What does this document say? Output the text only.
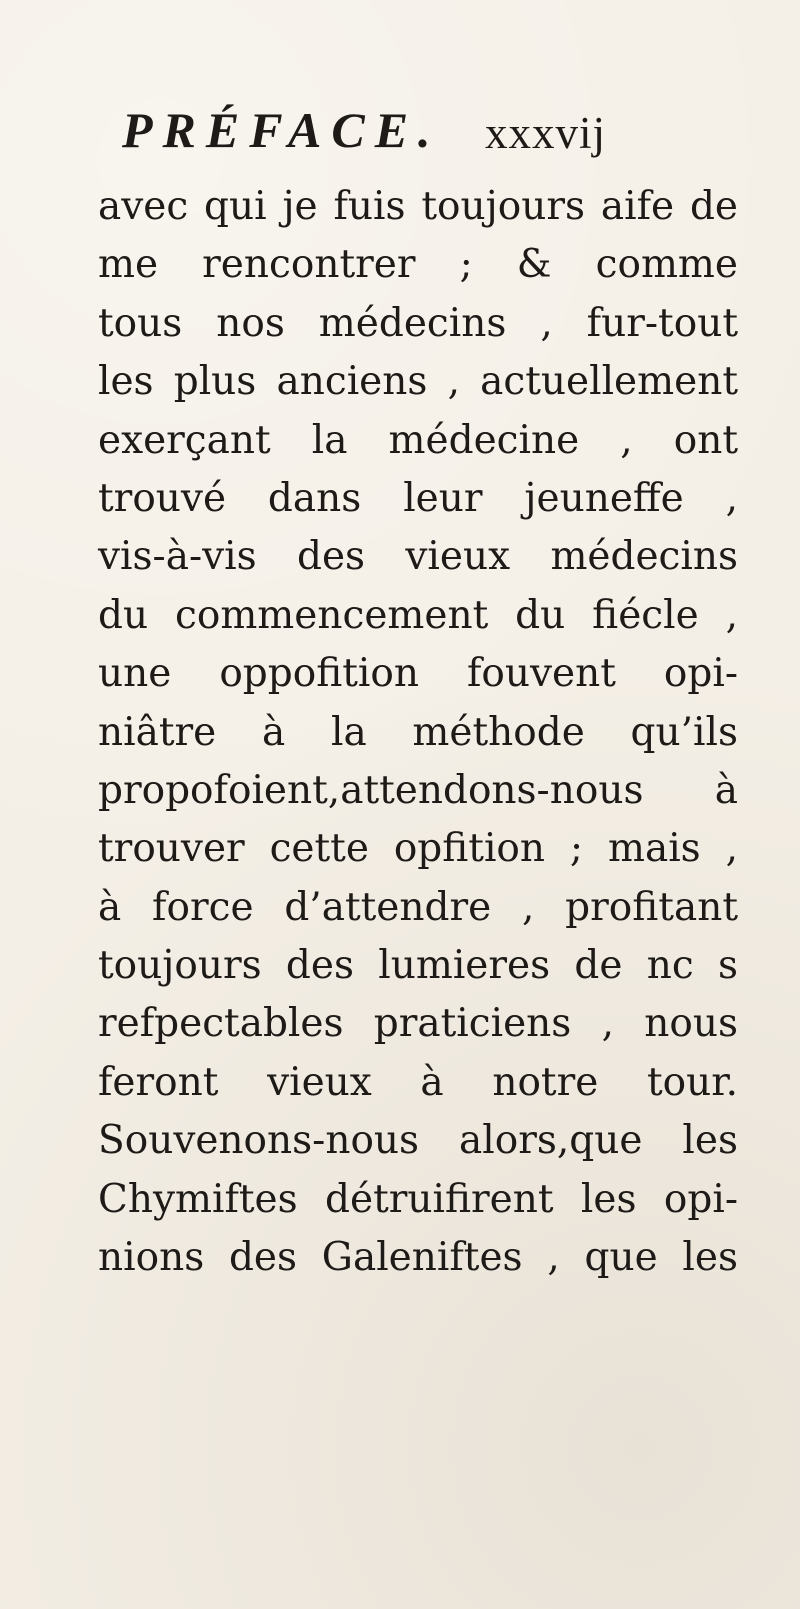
PRÉFACE. xxxvij
avec qui je fuis toujours aife de
me rencontrer ; & comme
tous nos médecins , fur-tout
les plus anciens , actuellement
exerçant la médecine , ont
trouvé dans leur jeuneffe ,
vis-à-vis des vieux médecins
du commencement du fiécle ,
une oppofition fouvent opi-
niâtre à la méthode qu’ils
propofoient,attendons-nous à
trouver cette opfition ; mais ,
à force d’attendre , profitant
toujours des lumieres de nc s
refpectables praticiens , nous
feront vieux à notre tour.
Souvenons-nous alors,que les
Chymiftes détruifirent les opi-
nions des Galeniftes , que les
